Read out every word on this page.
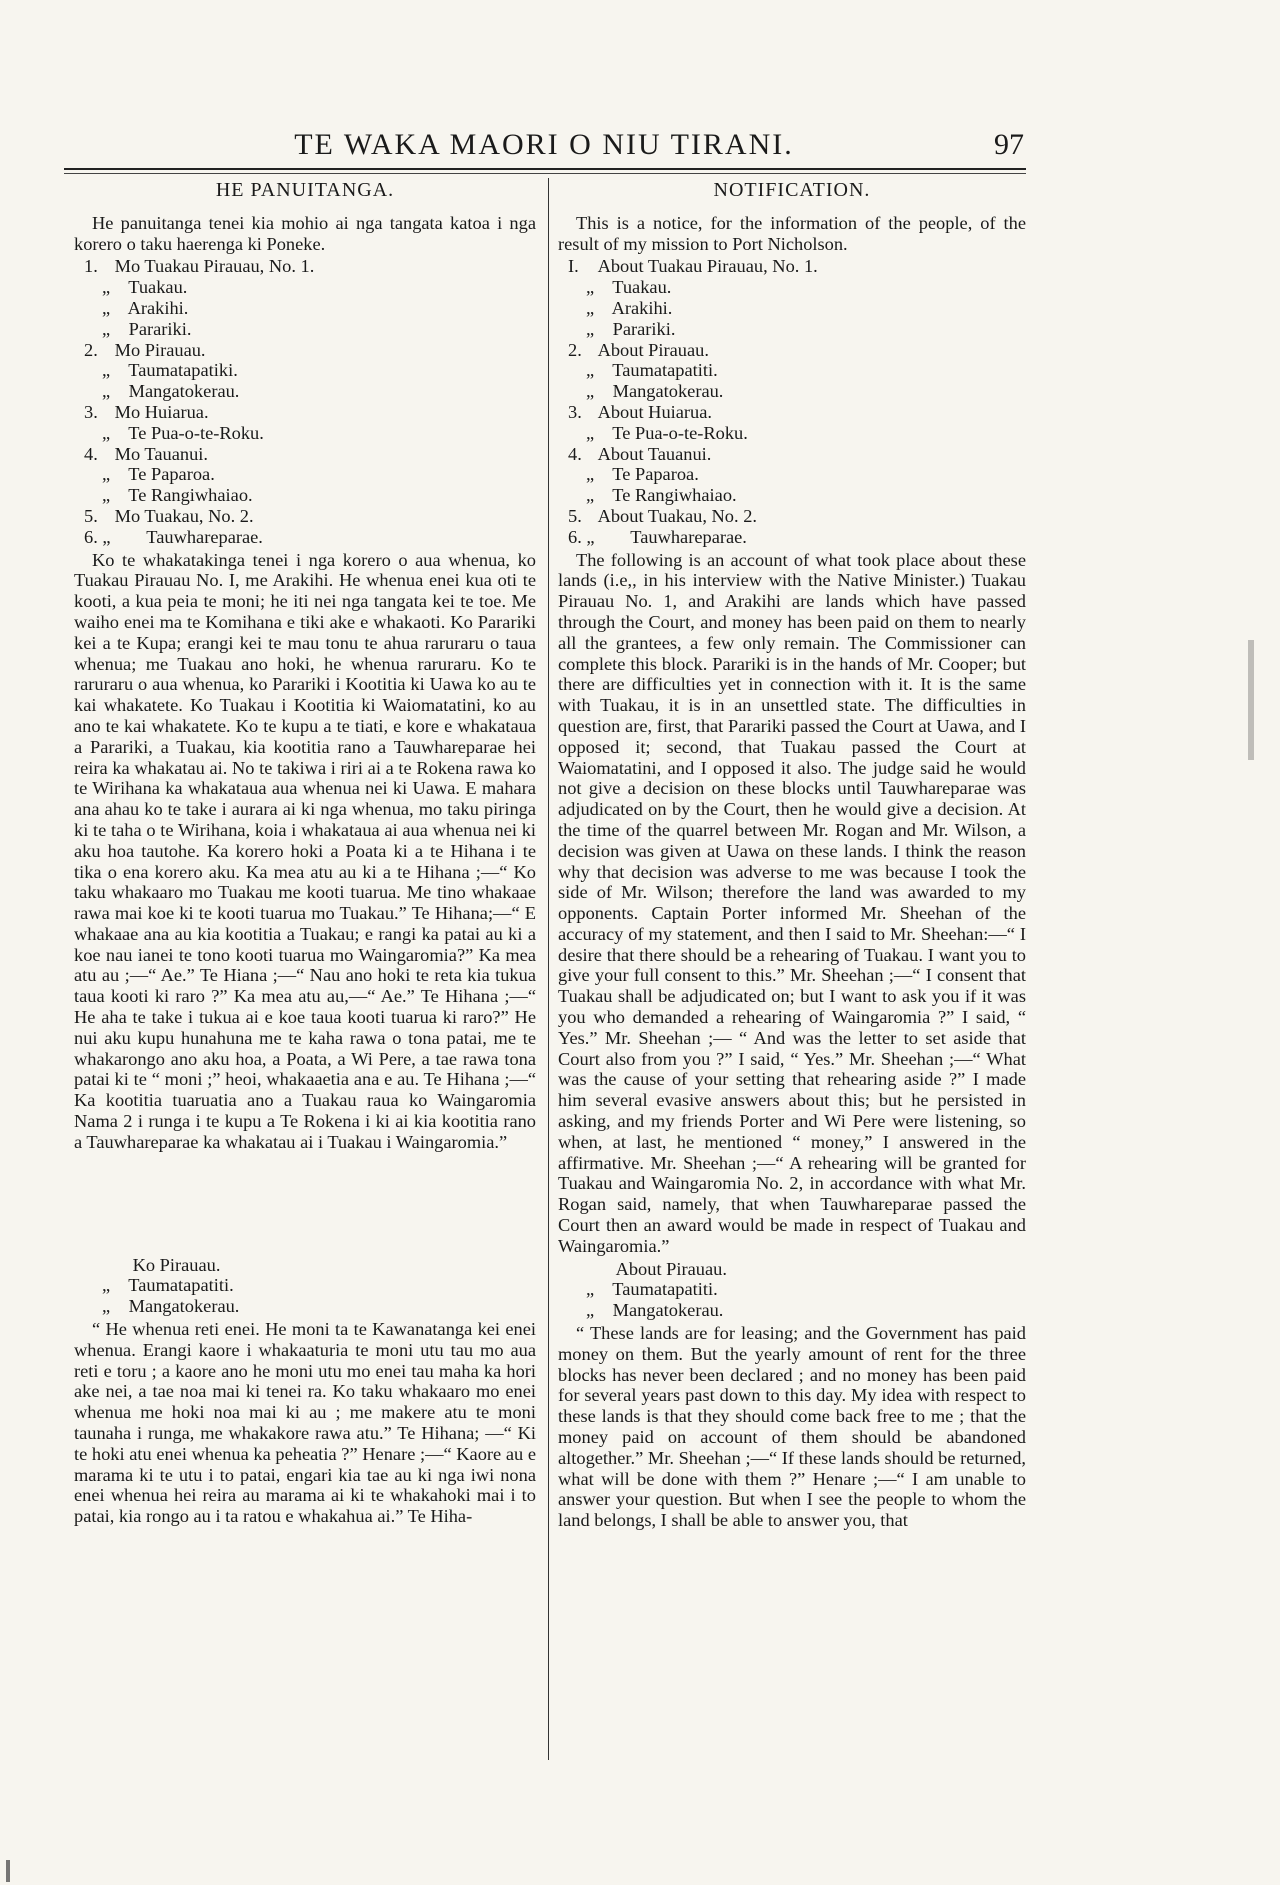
TE WAKA MAORI O NIU TIRANI.	97
HE PANUITANGA.

He panuitanga tenei kia mohio ai nga tangata katoa i nga korero o taku haerenga ki Poneke.

1. Mo Tuakau Pirauau, No. 1.
„ Tuakau.
„ Arakihi.
„ Parariki.
2. Mo Pirauau.
„ Taumatapatiki.
„ Mangatokerau.
3. Mo Huiarua.
„ Te Pua-o-te-Roku.
4. Mo Tauanui.
„ Te Paparoa.
„ Te Rangiwhaiao.
5. Mo Tuakau, No. 2.
6. „ Tauwhareparae.

Ko te whakatakinga tenei i nga korero o aua whenua, ko Tuakau Pirauau No. I, me Arakihi. He whenua enei kua oti te kooti, a kua peia te moni; he iti nei nga tangata kei te toe. Me waiho enei ma te Komihana e tiki ake e whakaoti. Ko Parariki kei a te Kupa; erangi kei te mau tonu te ahua raruraru o taua whenua; me Tuakau ano hoki, he whenua raruraru. Ko te raruraru o aua whenua, ko Parariki i Kootitia ki Uawa ko au te kai whakatete. Ko Tuakau i Kootitia ki Waiomatatini, ko au ano te kai whakatete. Ko te kupu a te tiati, e kore e whakataua a Parariki, a Tuakau, kia kootitia rano a Tauwhareparae hei reira ka whakatau ai. No te takiwa i riri ai a te Rokena rawa ko te Wirihana ka whakataua aua whenua nei ki Uawa. E mahara ana ahau ko te take i aurara ai ki nga whenua, mo taku piringa ki te taha o te Wirihana, koia i whakataua ai aua whenua nei ki aku hoa tautohe. Ka korero hoki a Poata ki a te Hihana i te tika o ena korero aku. Ka mea atu au ki a te Hihana ;—“ Ko taku whakaaro mo Tuakau me kooti tuarua. Me tino whakaae rawa mai koe ki te kooti tuarua mo Tuakau.” Te Hihana;—“ E whakaae ana au kia kootitia a Tuakau; e rangi ka patai au ki a koe nau ianei te tono kooti tuarua mo Waingaromia?” Ka mea atu au ;—“ Ae.” Te Hiana ;—“ Nau ano hoki te reta kia tukua taua kooti ki raro ?” Ka mea atu au,—“ Ae.” Te Hihana ;—“ He aha te take i tukua ai e koe taua kooti tuarua ki raro?” He nui aku kupu hunahuna me te kaha rawa o tona patai, me te whakarongo ano aku hoa, a Poata, a Wi Pere, a tae rawa tona patai ki te “ moni ;” heoi, whakaaetia ana e au. Te Hihana ;—“ Ka kootitia tuaruatia ano a Tuakau raua ko Waingaromia Nama 2 i runga i te kupu a Te Rokena i ki ai kia kootitia rano a Tauwhareparae ka whakatau ai i Tuakau i Waingaromia.”

Ko Pirauau.
„ Taumatapatiti.
„ Mangatokerau.

“ He whenua reti enei. He moni ta te Kawanatanga kei enei whenua. Erangi kaore i whakaaturia te moni utu tau mo aua reti e toru ; a kaore ano he moni utu mo enei tau maha ka hori ake nei, a tae noa mai ki tenei ra. Ko taku whakaaro mo enei whenua me hoki noa mai ki au ; me makere atu te moni taunaha i runga, me whakakore rawa atu.” Te Hihana; —“ Ki te hoki atu enei whenua ka peheatia ?” Henare ;—“ Kaore au e marama ki te utu i to patai, engari kia tae au ki nga iwi nona enei whenua hei reira au marama ai ki te whakahoki mai i to patai, kia rongo au i ta ratou e whakahua ai.” Te Hiha-

NOTIFICATION.

This is a notice, for the information of the people, of the result of my mission to Port Nicholson.

I. About Tuakau Pirauau, No. 1.
„ Tuakau.
„ Arakihi.
„ Parariki.
2. About Pirauau.
„ Taumatapatiti.
„ Mangatokerau.
3. About Huiarua.
„ Te Pua-o-te-Roku.
4. About Tauanui.
„ Te Paparoa.
„ Te Rangiwhaiao.
5. About Tuakau, No. 2.
6. „ Tauwhareparae.

The following is an account of what took place about these lands (i.e,, in his interview with the Native Minister.) Tuakau Pirauau No. 1, and Arakihi are lands which have passed through the Court, and money has been paid on them to nearly all the grantees, a few only remain. The Commissioner can complete this block. Parariki is in the hands of Mr. Cooper; but there are difficulties yet in connection with it. It is the same with Tuakau, it is in an unsettled state. The difficulties in question are, first, that Parariki passed the Court at Uawa, and I opposed it; second, that Tuakau passed the Court at Waiomatatini, and I opposed it also. The judge said he would not give a decision on these blocks until Tauwhareparae was adjudicated on by the Court, then he would give a decision. At the time of the quarrel between Mr. Rogan and Mr. Wilson, a decision was given at Uawa on these lands. I think the reason why that decision was adverse to me was because I took the side of Mr. Wilson; therefore the land was awarded to my opponents. Captain Porter informed Mr. Sheehan of the accuracy of my statement, and then I said to Mr. Sheehan:—“ I desire that there should be a rehearing of Tuakau. I want you to give your full consent to this.” Mr. Sheehan ;—“ I consent that Tuakau shall be adjudicated on; but I want to ask you if it was you who demanded a rehearing of Waingaromia ?” I said, “ Yes.” Mr. Sheehan ;— “ And was the letter to set aside that Court also from you ?” I said, “ Yes.” Mr. Sheehan ;—“ What was the cause of your setting that rehearing aside ?” I made him several evasive answers about this; but he persisted in asking, and my friends Porter and Wi Pere were listening, so when, at last, he mentioned “ money,” I answered in the affirmative. Mr. Sheehan ;—“ A rehearing will be granted for Tuakau and Waingaromia No. 2, in accordance with what Mr. Rogan said, namely, that when Tauwhareparae passed the Court then an award would be made in respect of Tuakau and Waingaromia.”

About Pirauau.
„ Taumatapatiti.
„ Mangatokerau.

“ These lands are for leasing; and the Government has paid money on them. But the yearly amount of rent for the three blocks has never been declared ; and no money has been paid for several years past down to this day. My idea with respect to these lands is that they should come back free to me ; that the money paid on account of them should be abandoned altogether.” Mr. Sheehan ;—“ If these lands should be returned, what will be done with them ?” Henare ;—“ I am unable to answer your question. But when I see the people to whom the land belongs, I shall be able to answer you, that
